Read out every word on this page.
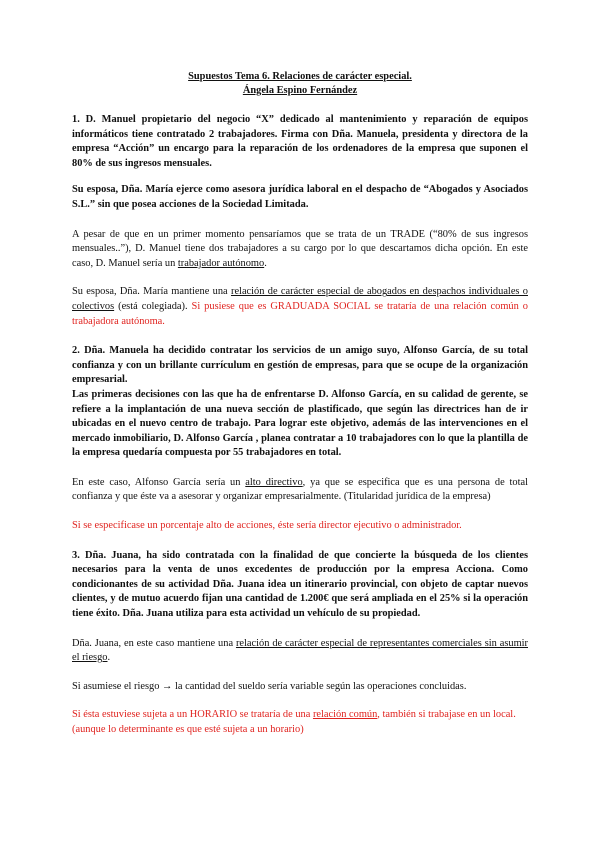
Supuestos Tema 6. Relaciones de carácter especial.

Ángela Espino Fernández

1. D. Manuel propietario del negocio “X” dedicado al mantenimiento y reparación de equipos informáticos tiene contratado 2 trabajadores. Firma con Dña. Manuela, presidenta y directora de la empresa “Acción” un encargo para la reparación de los ordenadores de la empresa que suponen el 80% de sus ingresos mensuales.

Su esposa, Dña. María ejerce como asesora jurídica laboral en el despacho de “Abogados y Asociados S.L.” sin que posea acciones de la Sociedad Limitada.

A pesar de que en un primer momento pensaríamos que se trata de un TRADE (“80% de sus ingresos mensuales..”), D. Manuel tiene dos trabajadores a su cargo por lo que descartamos dicha opción. En este caso, D. Manuel sería un trabajador autónomo.

Su esposa, Dña. María mantiene una relación de carácter especial de abogados en despachos individuales o colectivos (está colegiada). Si pusiese que es GRADUADA SOCIAL se trataría de una relación común o trabajadora autónoma.

2. Dña. Manuela ha decidido contratar los servicios de un amigo suyo, Alfonso García, de su total confianza y con un brillante currículum en gestión de empresas, para que se ocupe de la organización empresarial.

Las primeras decisiones con las que ha de enfrentarse D. Alfonso García, en su calidad de gerente, se refiere a la implantación de una nueva sección de plastificado, que según las directrices han de ir ubicadas en el nuevo centro de trabajo. Para lograr este objetivo, además de las intervenciones en el mercado inmobiliario, D. Alfonso García , planea contratar a 10 trabajadores con lo que la plantilla de la empresa quedaría compuesta por 55 trabajadores en total.

En este caso, Alfonso García sería un alto directivo, ya que se especifica que es una persona de total confianza y que éste va a asesorar y organizar empresarialmente. (Titularidad jurídica de la empresa)

Si se especificase un porcentaje alto de acciones, éste sería director ejecutivo o administrador.

3. Dña. Juana, ha sido contratada con la finalidad de que concierte la búsqueda de los clientes necesarios para la venta de unos excedentes de producción por la empresa Acciona. Como condicionantes de su actividad Dña. Juana idea un itinerario provincial, con objeto de captar nuevos clientes, y de mutuo acuerdo fijan una cantidad de 1.200€ que será ampliada en el 25% si la operación tiene éxito. Dña. Juana utiliza para esta actividad un vehículo de su propiedad.

Dña. Juana, en este caso mantiene una relación de carácter especial de representantes comerciales sin asumir el riesgo.

Si asumiese el riesgo → la cantidad del sueldo sería variable según las operaciones concluidas.

Si ésta estuviese sujeta a un HORARIO se trataría de una relación común, también si trabajase en un local. (aunque lo determinante es que esté sujeta a un horario)
